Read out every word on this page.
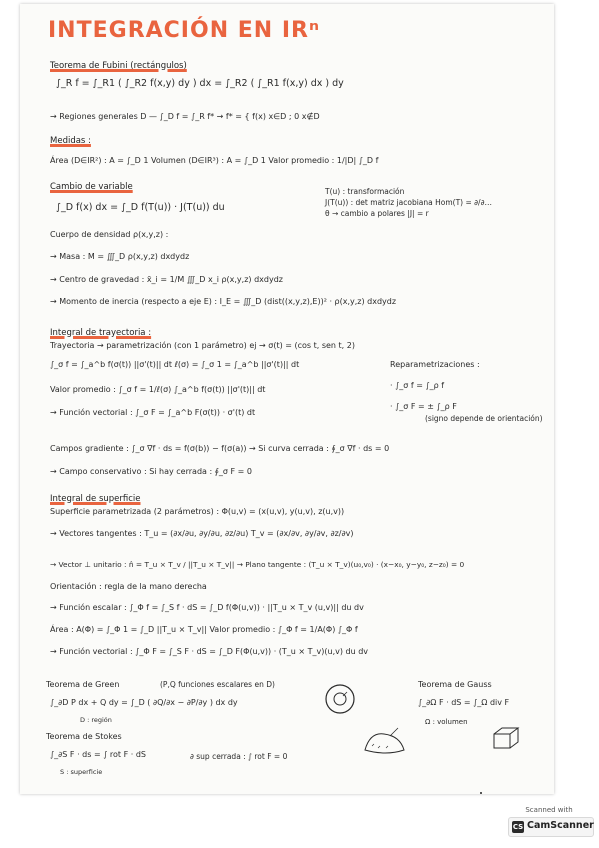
INTEGRACIÓN EN IRⁿ
Teorema de Fubini (rectángulos)
∫_R f = ∫_R1 ( ∫_R2 f(x,y) dy ) dx = ∫_R2 ( ∫_R1 f(x,y) dx ) dy
→ Regiones generales D — ∫_D f = ∫_R f* → f* = { f(x) x∈D ; 0 x∉D
Medidas :
Área (D∈IR²) : A = ∫_D 1 Volumen (D∈IR³) : A = ∫_D 1 Valor promedio : 1/|D| ∫_D f
Cambio de variable
∫_D f(x) dx = ∫_D f(T(u)) · J(T(u)) du
T(u) : transformación
J(T(u)) : det matriz jacobiana Hom(T) = ∂/∂…
θ → cambio a polares |J| = r
Cuerpo de densidad ρ(x,y,z) :
→ Masa : M = ∭_D ρ(x,y,z) dxdydz
→ Centro de gravedad : x̄_i = 1/M ∭_D x_i ρ(x,y,z) dxdydz
→ Momento de inercia (respecto a eje E) : I_E = ∭_D (dist((x,y,z),E))² · ρ(x,y,z) dxdydz
Integral de trayectoria :
Trayectoria → parametrización (con 1 parámetro) ej → σ(t) = (cos t, sen t, 2)
∫_σ f = ∫_a^b f(σ(t)) ||σ'(t)|| dt ℓ(σ) = ∫_σ 1 = ∫_a^b ||σ'(t)|| dt	Reparametrizaciones :
Valor promedio : ∫_σ f = 1/ℓ(σ) ∫_a^b f(σ(t)) ||σ'(t)|| dt	· ∫_σ f = ∫_ρ f
→ Función vectorial : ∫_σ F = ∫_a^b F(σ(t)) · σ'(t) dt
· ∫_σ F = ± ∫_ρ F
(signo depende de orientación)
Campos gradiente : ∫_σ ∇f · ds = f(σ(b)) − f(σ(a)) → Si curva cerrada : ∮_σ ∇f · ds = 0
→ Campo conservativo : Si hay cerrada : ∮_σ F = 0
Integral de superficie
Superficie parametrizada (2 parámetros) : Φ(u,v) = (x(u,v), y(u,v), z(u,v))
→ Vectores tangentes : T_u = (∂x/∂u, ∂y/∂u, ∂z/∂u) T_v = (∂x/∂v, ∂y/∂v, ∂z/∂v)
→ Vector ⊥ unitario : n̂ = T_u × T_v / ||T_u × T_v|| → Plano tangente : (T_u × T_v)(u₀,v₀) · (x−x₀, y−y₀, z−z₀) = 0
Orientación : regla de la mano derecha
→ Función escalar : ∫_Φ f = ∫_S f · dS = ∫_D f(Φ(u,v)) · ||T_u × T_v (u,v)|| du dv
Área : A(Φ) = ∫_Φ 1 = ∫_D ||T_u × T_v|| Valor promedio : ∫_Φ f = 1/A(Φ) ∫_Φ f
→ Función vectorial : ∫_Φ F = ∫_S F · dS = ∫_D F(Φ(u,v)) · (T_u × T_v)(u,v) du dv
Teorema de Green	(P,Q funciones escalares en D)
∫_∂D P dx + Q dy = ∫_D ( ∂Q/∂x − ∂P/∂y ) dx dy
D : región
Teorema de Gauss
∫_∂Ω F · dS = ∫_Ω div F
Ω : volumen
Teorema de Stokes
∫_∂S F · ds = ∫ rot F · dS	∂ sup cerrada : ∫ rot F = 0
S : superficie
Scanned with
CS CamScanner
